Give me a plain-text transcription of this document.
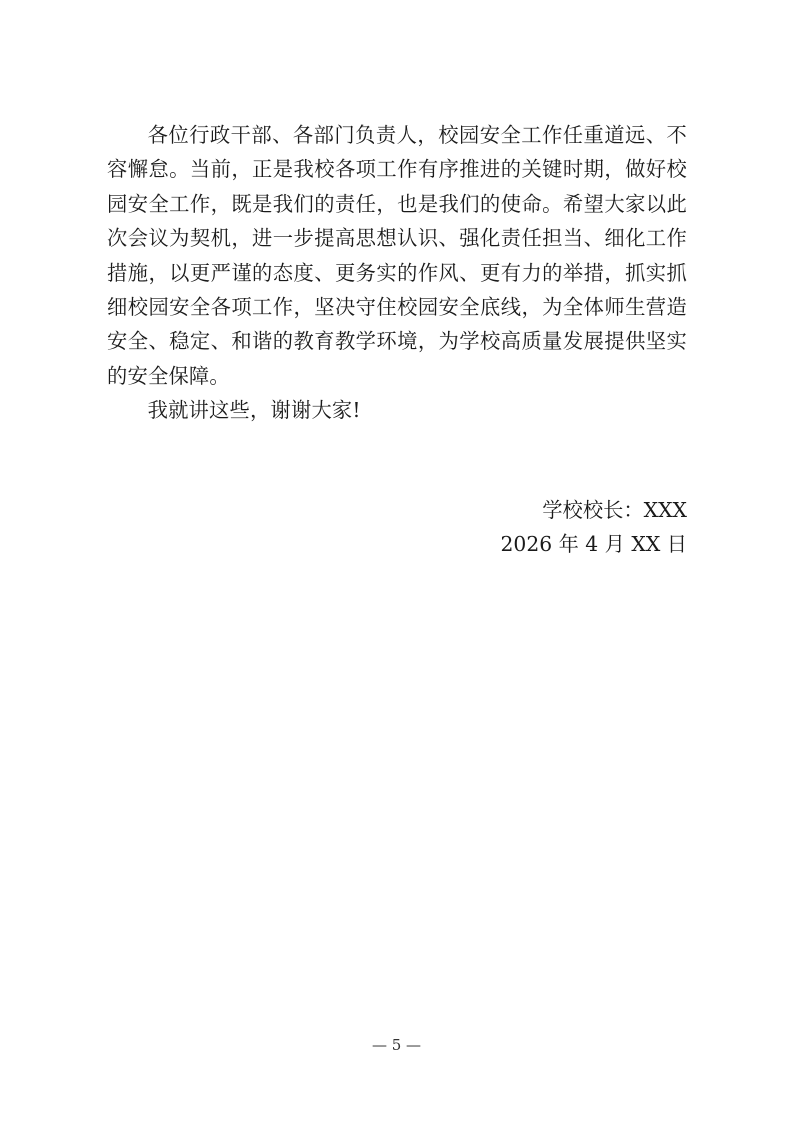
各位行政干部、各部门负责人，校园安全工作任重道远、不容懈怠。当前，正是我校各项工作有序推进的关键时期，做好校园安全工作，既是我们的责任，也是我们的使命。希望大家以此次会议为契机，进一步提高思想认识、强化责任担当、细化工作措施，以更严谨的态度、更务实的作风、更有力的举措，抓实抓细校园安全各项工作，坚决守住校园安全底线，为全体师生营造安全、稳定、和谐的教育教学环境，为学校高质量发展提供坚实的安全保障。

我就讲这些，谢谢大家!

学校校长：XXX
2026 年 4 月 XX 日
— 5 —
